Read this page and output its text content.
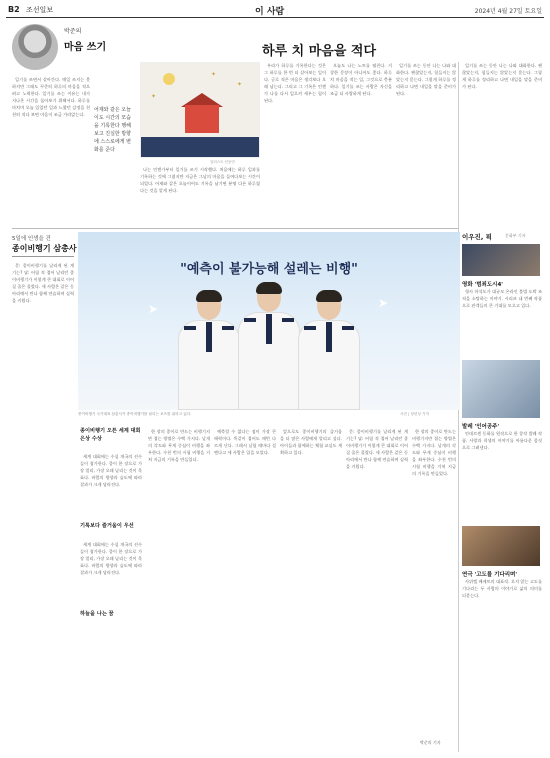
B2 조선일보	이 사람	2024년 4월 27일 토요일
박준의
마음 쓰기	하루 치 마음을 적다

일기를 쓰면서 살아간다. 매일 쓰지는 못하지만 그래도 꾸준히 하루의 마음을 적으려고 노력한다. 일기를 쓰는 이유는 내가 지나온 시간을 돌아보기 위해서다. 하루를 마치며 오늘 있었던 일과 느꼈던 감정을 천천히 적다 보면 마음이 조금 가라앉는다.

어제와 같은 오늘이도 시간의 모습을 기록한다 행해보고 진실한 방향에 스스로에게 변화를 준다
✦
✦
✦
일러스트 신동민

나는 언젠가부터 일기를 쓰기 시작했다. 처음에는 하루 일과를 기록하는 것에 그쳤지만 지금은 그날의 마음을 들여다보는 시간이 되었다. 어제와 같은 오늘이어도 기록을 남기면 분명 다른 하루였다는 것을 알게 된다.

우리가 하루를 기록한다는 것은 그 하루를 한 번 더 살아보는 일이다. 글로 적은 마음은 생각보다 오래 남는다. 그리고 그 기록은 언젠가 나를 다시 일으켜 세우는 힘이 된다.

오늘도 나는 노트를 펼친다. 거창한 문장이 아니어도 좋다. 하루 치 마음을 적는 일, 그것으로 충분하다. 일기를 쓰는 사람은 자신을 조금 더 사랑하게 된다.

일기를 쓰는 동안 나는 나와 대화한다. 괜찮았는지, 힘들지는 않았는지 묻는다. 그렇게 하루를 정리하고 나면 내일을 맞을 준비가 된다.

일기를 쓰는 동안 나는 나와 대화한다. 괜찮았는지, 힘들지는 않았는지 묻는다. 그렇게 하루를 정리하고 나면 내일을 맞을 준비가 된다.

이우진, 픽	문화부 기자
영화 '범죄도시4'

형사 마석도가 대규모 온라인 불법 도박 조직을 소탕하는 이야기. 시리즈 네 번째 작품으로 관객들의 큰 기대를 모으고 있다.

발레 '인어공주'

안데르센 동화를 원작으로 한 창작 발레 작품. 사랑과 희생의 이야기를 아름다운 몸짓으로 그려낸다.

연극 '고도를 기다리며'

사뮈엘 베케트의 대표작. 오지 않는 고도를 기다리는 두 사람의 이야기로 삶의 의미를 되묻는다.

5일에 인생을 건
종이비행기 삼총사

문: 종이비행기를 날리게 된 계기는? 답: 어릴 적 접어 날리던 종이비행기가 이렇게 큰 대회로 이어질 줄은 몰랐다. 세 사람은 같은 동아리에서 만나 함께 연습하며 실력을 키웠다.

"예측이 불가능해 설레는 비행"
➤	➤
종이비행기 국가대표 삼총사가 종이비행기를 날리는 포즈를 취하고 있다.	사진 | 장련성 기자
종이비행기 오픈 세계 대회 은상 수상

세계 대회에는 수십 개국의 선수들이 참가한다. 종이 한 장으로 가장 멀리, 가장 오래 날리는 것이 목표다. 바람의 방향과 습도에 따라 결과가 크게 달라진다.

기록보다 즐거움이 우선

세계 대회에는 수십 개국의 선수들이 참가한다. 종이 한 장으로 가장 멀리, 가장 오래 날리는 것이 목표다. 바람의 방향과 습도에 따라 결과가 크게 달라진다.

하늘을 나는 꿈

한 장의 종이로 만드는 비행기지만 접는 방법은 수백 가지다. 날개의 각도와 무게 중심이 비행을 좌우한다. 수천 번의 시험 비행을 거쳐 지금의 기록을 만들었다.

예측할 수 없다는 점이 가장 큰 매력이다. 똑같이 접어도 매번 다르게 난다. 그래서 날릴 때마다 설렌다고 세 사람은 입을 모았다.

앞으로도 종이비행기의 즐거움을 더 많은 사람에게 알리고 싶다. 아이들과 함께하는 체험 교실도 계획하고 있다.

문: 종이비행기를 날리게 된 계기는? 답: 어릴 적 접어 날리던 종이비행기가 이렇게 큰 대회로 이어질 줄은 몰랐다. 세 사람은 같은 동아리에서 만나 함께 연습하며 실력을 키웠다.

한 장의 종이로 만드는 비행기지만 접는 방법은 수백 가지다. 날개의 각도와 무게 중심이 비행을 좌우한다. 수천 번의 시험 비행을 거쳐 지금의 기록을 만들었다.

박준의 기자
